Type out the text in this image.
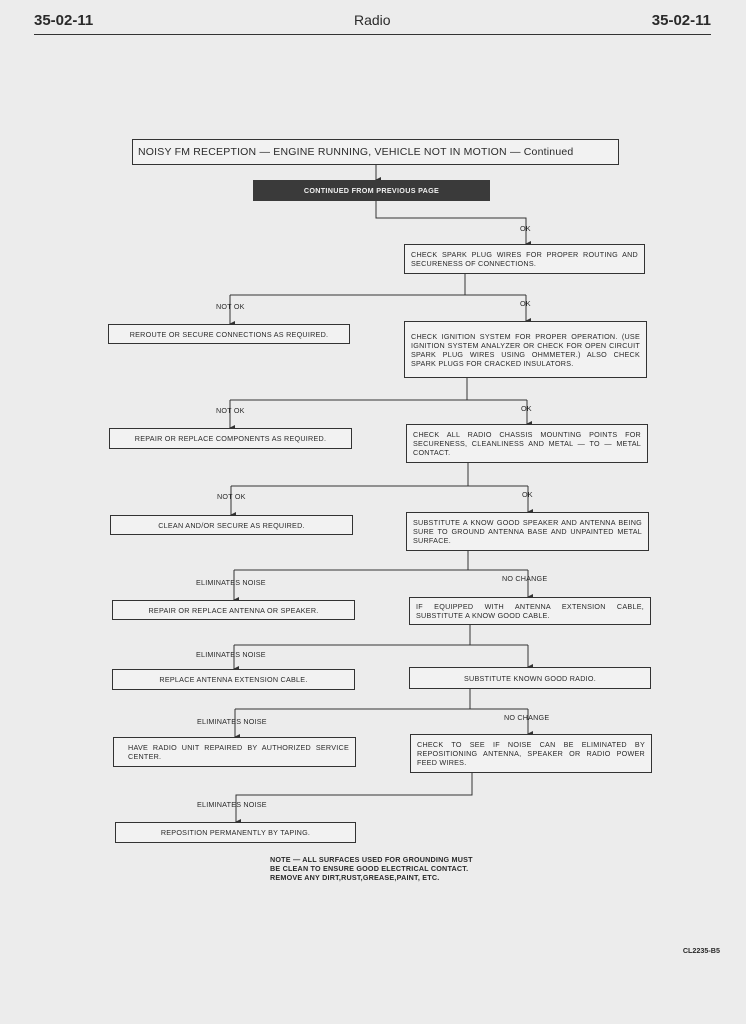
35-02-11	Radio	35-02-11
NOISY FM RECEPTION — ENGINE RUNNING, VEHICLE NOT IN MOTION — Continued
CONTINUED FROM PREVIOUS PAGE
OK
CHECK SPARK PLUG WIRES FOR PROPER ROUTING AND SECURENESS OF CONNECTIONS.
NOT OK	OK
REROUTE OR SECURE CONNECTIONS AS REQUIRED.	CHECK IGNITION SYSTEM FOR PROPER OPERATION. (USE IGNITION SYSTEM ANALYZER OR CHECK FOR OPEN CIRCUIT SPARK PLUG WIRES USING OHMMETER.) ALSO CHECK SPARK PLUGS FOR CRACKED INSULATORS.
NOT OK	OK
REPAIR OR REPLACE COMPONENTS AS REQUIRED.	CHECK ALL RADIO CHASSIS MOUNTING POINTS FOR SECURENESS, CLEANLINESS AND METAL — TO — METAL CONTACT.
NOT OK	OK
CLEAN AND/OR SECURE AS REQUIRED.	SUBSTITUTE A KNOW GOOD SPEAKER AND ANTENNA BEING SURE TO GROUND ANTENNA BASE AND UNPAINTED METAL SURFACE.
ELIMINATES NOISE	NO CHANGE
REPAIR OR REPLACE ANTENNA OR SPEAKER.	IF EQUIPPED WITH ANTENNA EXTENSION CABLE, SUBSTITUTE A KNOW GOOD CABLE.
ELIMINATES NOISE
REPLACE ANTENNA EXTENSION CABLE.	SUBSTITUTE KNOWN GOOD RADIO.
ELIMINATES NOISE	NO CHANGE
HAVE RADIO UNIT REPAIRED BY AUTHORIZED SERVICE CENTER.
CHECK TO SEE IF NOISE CAN BE ELIMINATED BY REPOSITIONING ANTENNA, SPEAKER OR RADIO POWER FEED WIRES.
ELIMINATES NOISE
REPOSITION PERMANENTLY BY TAPING.
NOTE — ALL SURFACES USED FOR GROUNDING MUST
BE CLEAN TO ENSURE GOOD ELECTRICAL CONTACT.
REMOVE ANY DIRT,RUST,GREASE,PAINT, ETC.
CL2235-B5
